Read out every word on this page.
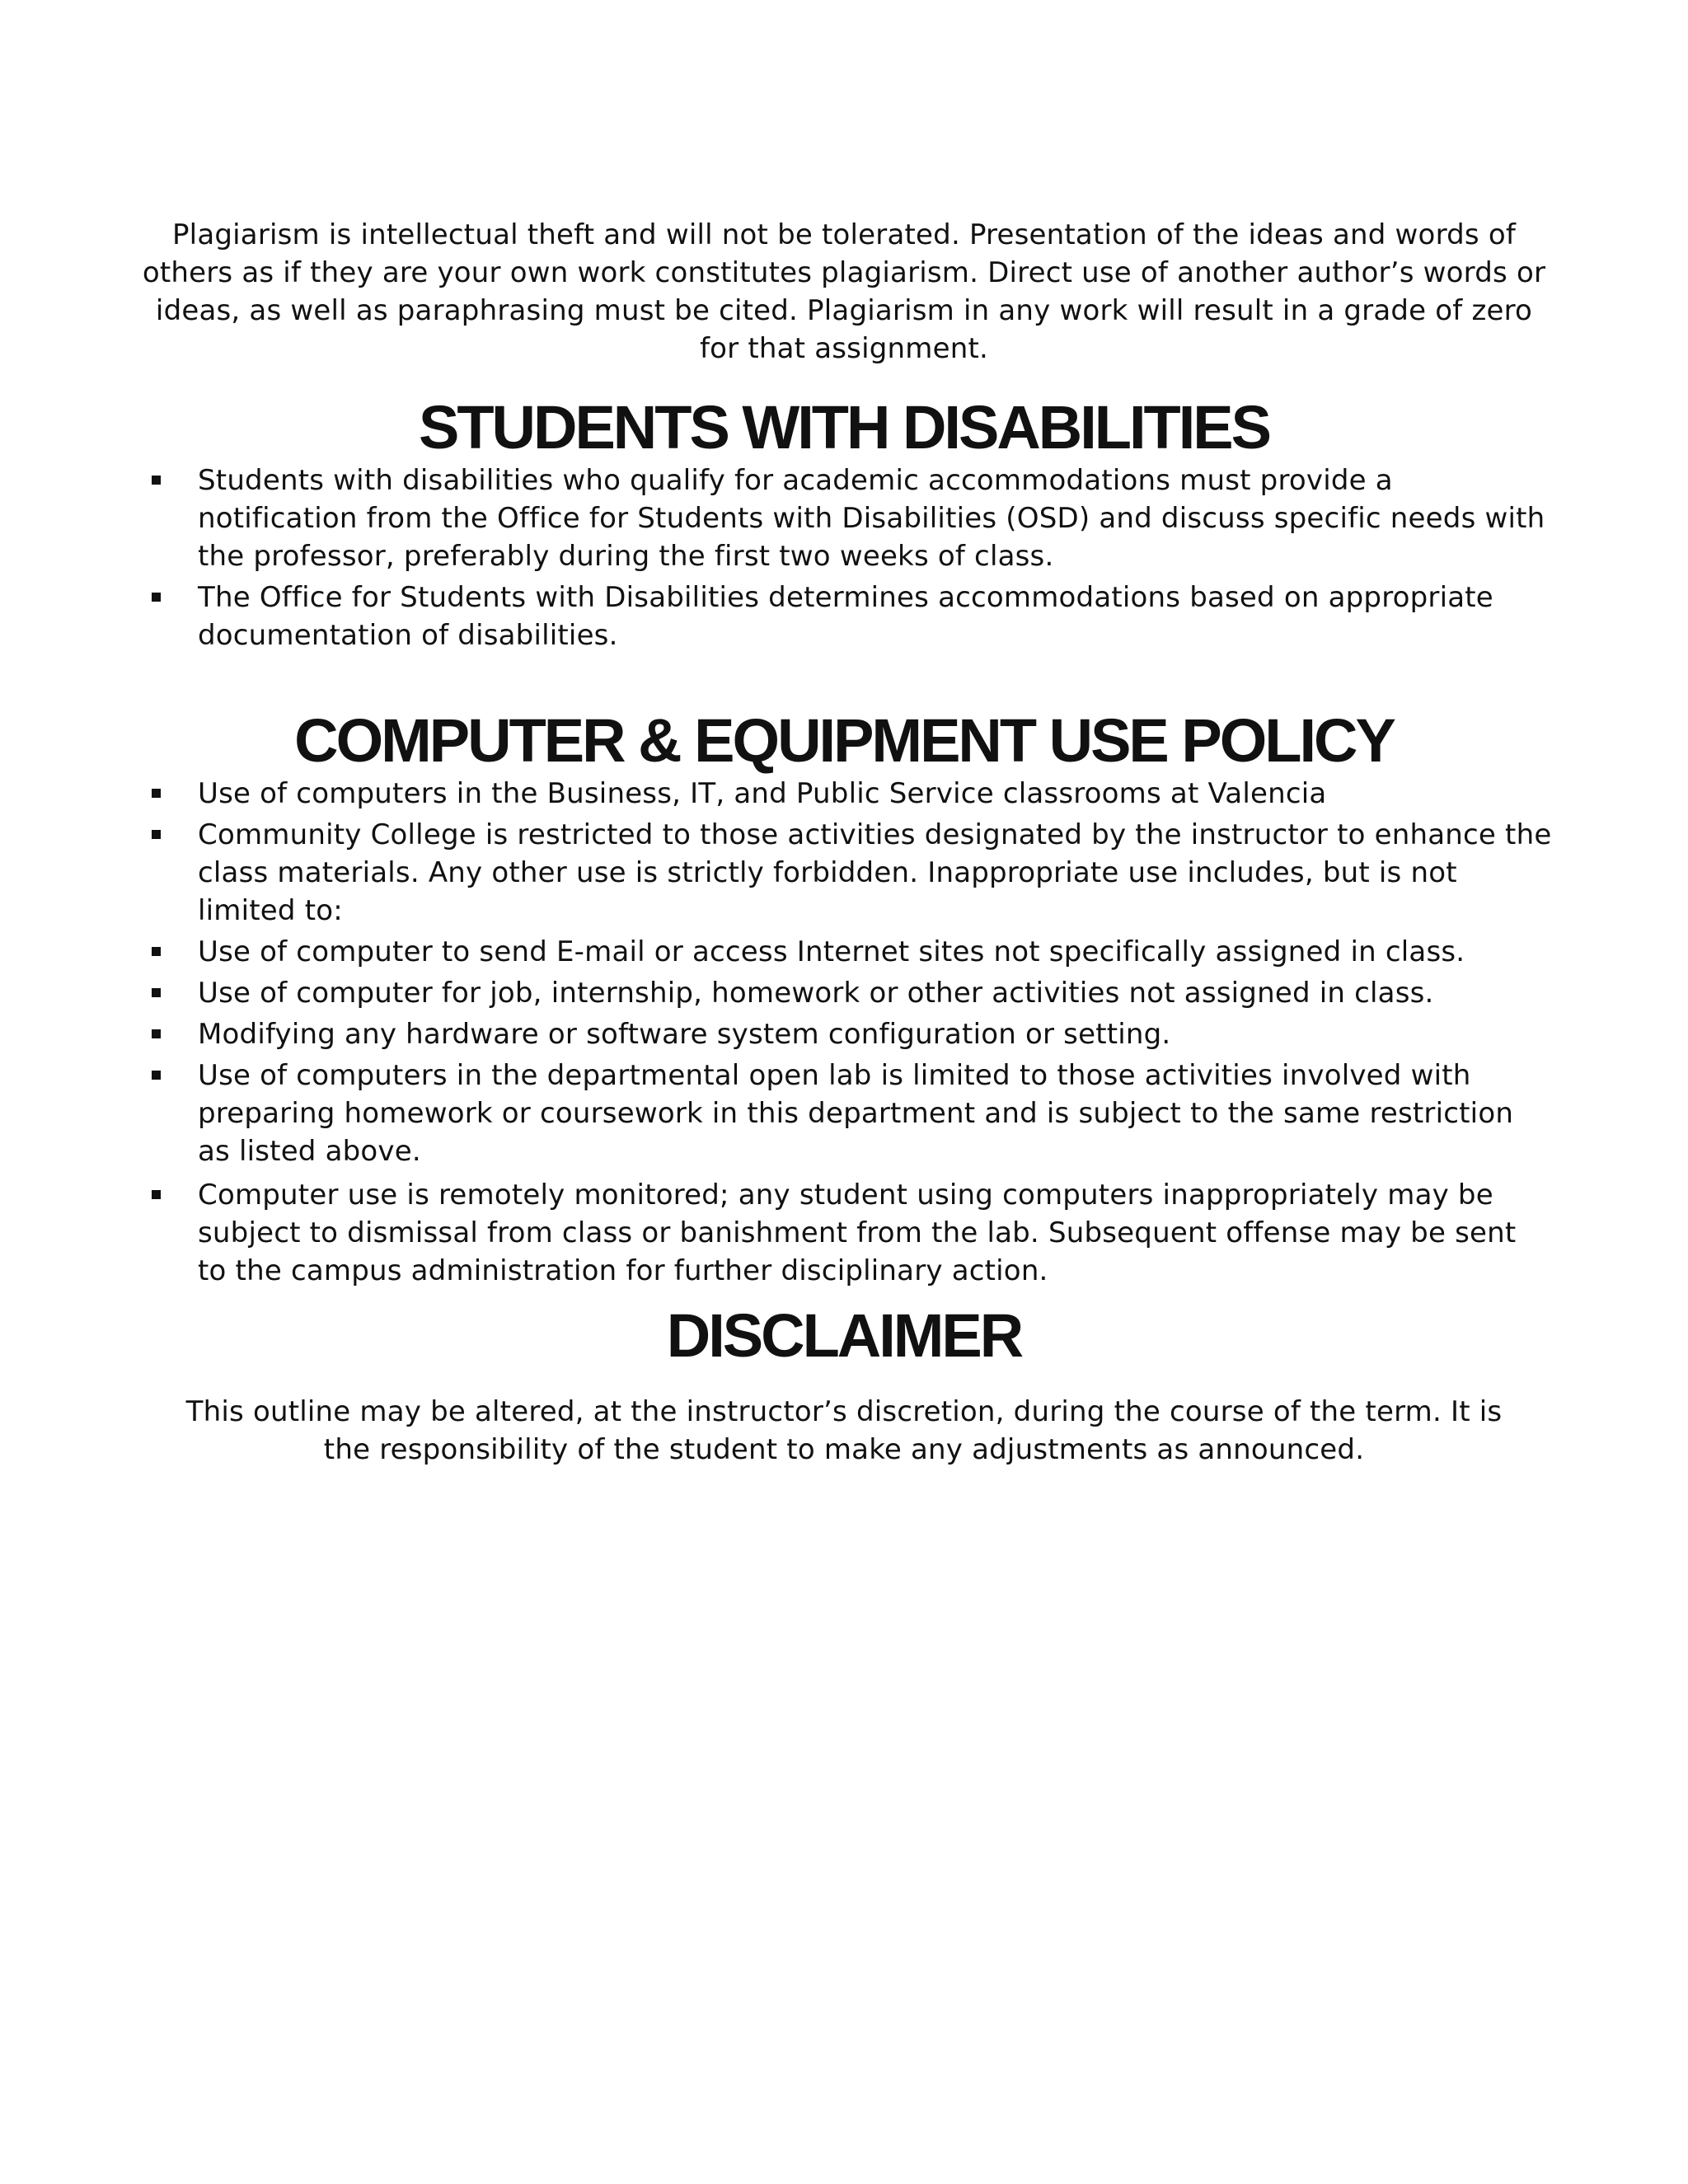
Plagiarism is intellectual theft and will not be tolerated. Presentation of the ideas and words of others as if they are your own work constitutes plagiarism. Direct use of another author’s words or ideas, as well as paraphrasing must be cited. Plagiarism in any work will result in a grade of zero for that assignment.

STUDENTS WITH DISABILITIES
Students with disabilities who qualify for academic accommodations must provide a notification from the Office for Students with Disabilities (OSD) and discuss specific needs with the professor, preferably during the first two weeks of class.
The Office for Students with Disabilities determines accommodations based on appropriate documentation of disabilities.
COMPUTER & EQUIPMENT USE POLICY
Use of computers in the Business, IT, and Public Service classrooms at Valencia
Community College is restricted to those activities designated by the instructor to enhance the class materials. Any other use is strictly forbidden. Inappropriate use includes, but is not limited to:
Use of computer to send E-mail or access Internet sites not specifically assigned in class.
Use of computer for job, internship, homework or other activities not assigned in class.
Modifying any hardware or software system configuration or setting.
Use of computers in the departmental open lab is limited to those activities involved with preparing homework or coursework in this department and is subject to the same restriction as listed above.
Computer use is remotely monitored; any student using computers inappropriately may be subject to dismissal from class or banishment from the lab. Subsequent offense may be sent to the campus administration for further disciplinary action.
DISCLAIMER

This outline may be altered, at the instructor’s discretion, during the course of the term. It is the responsibility of the student to make any adjustments as announced.
